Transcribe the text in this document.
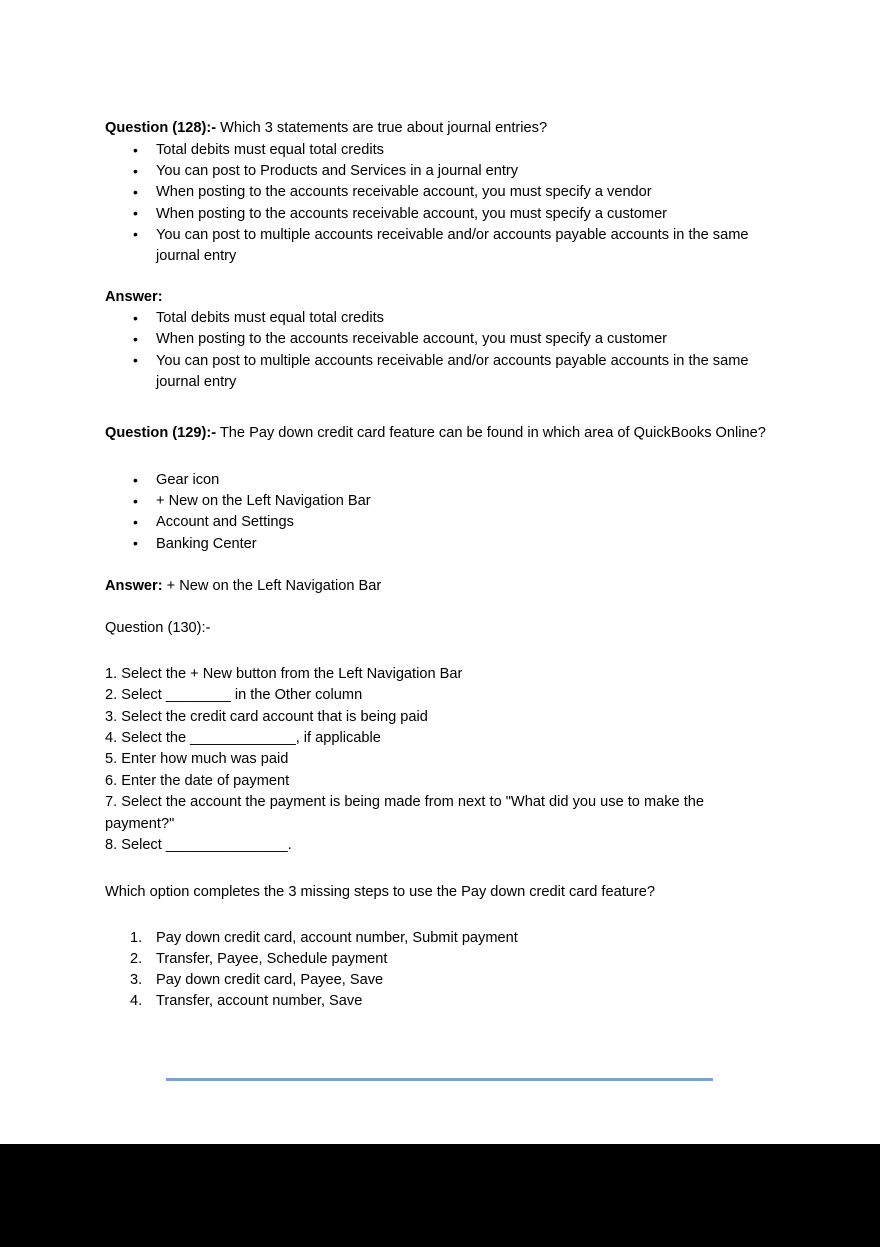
Question (128):- Which 3 statements are true about journal entries?

• Total debits must equal total credits
• You can post to Products and Services in a journal entry
• When posting to the accounts receivable account, you must specify a vendor
• When posting to the accounts receivable account, you must specify a customer
• You can post to multiple accounts receivable and/or accounts payable accounts in the same journal entry
Answer:
• Total debits must equal total credits
• When posting to the accounts receivable account, you must specify a customer
• You can post to multiple accounts receivable and/or accounts payable accounts in the same journal entry

Question (129):- The Pay down credit card feature can be found in which area of QuickBooks Online?

• Gear icon
• + New on the Left Navigation Bar
• Account and Settings
• Banking Center
Answer: + New on the Left Navigation Bar
Question (130):-
1. Select the + New button from the Left Navigation Bar
2. Select ________ in the Other column
3. Select the credit card account that is being paid
4. Select the _____________, if applicable
5. Enter how much was paid
6. Enter the date of payment
7. Select the account the payment is being made from next to "What did you use to make the payment?"
8. Select _______________.
Which option completes the 3 missing steps to use the Pay down credit card feature?
Pay down credit card, account number, Submit payment
Transfer, Payee, Schedule payment
Pay down credit card, Payee, Save
Transfer, account number, Save
